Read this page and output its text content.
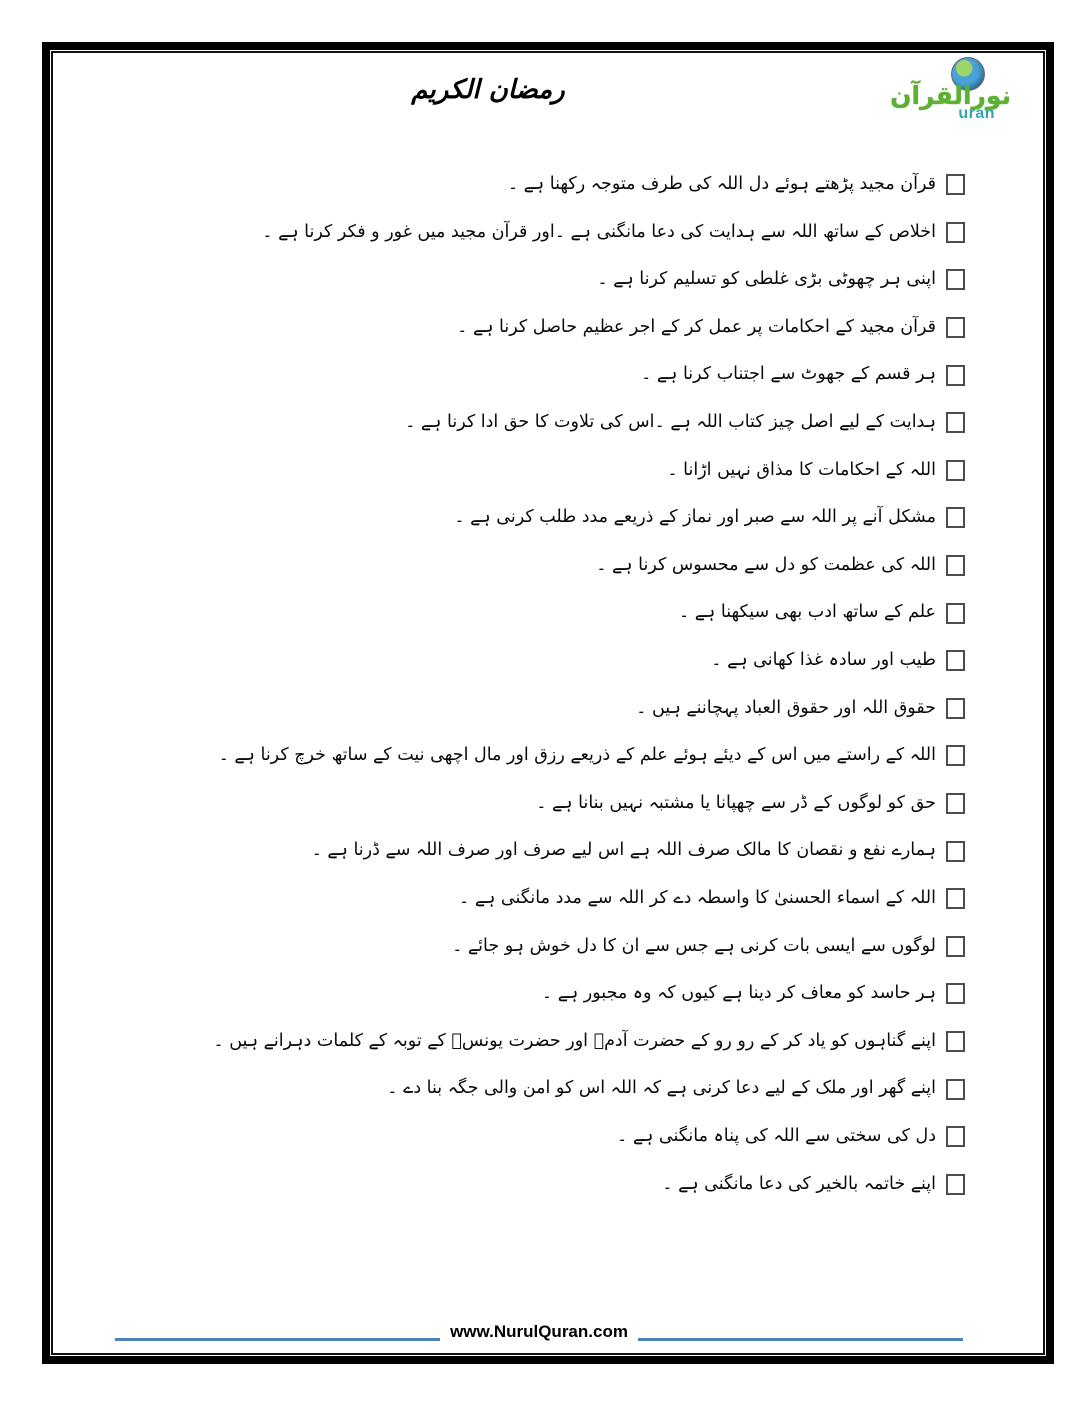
رمضان الکریم	نورالقرآن
uran
قرآن مجید پڑھتے ہوئے دل اللہ کی طرف متوجہ رکھنا ہے ۔
اخلاص کے ساتھ اللہ سے ہدایت کی دعا مانگنی ہے ۔اور قرآن مجید میں غور و فکر کرنا ہے ۔
اپنی ہر چھوٹی بڑی غلطی کو تسلیم کرنا ہے ۔
قرآن مجید کے احکامات پر عمل کر کے اجر عظیم حاصل کرنا ہے ۔
ہر قسم کے جھوٹ سے اجتناب کرنا ہے ۔
ہدایت کے لیے اصل چیز کتاب اللہ ہے ۔اس کی تلاوت کا حق ادا کرنا ہے ۔
اللہ کے احکامات کا مذاق نہیں اڑانا ۔
مشکل آنے پر اللہ سے صبر اور نماز کے ذریعے مدد طلب کرنی ہے ۔
اللہ کی عظمت کو دل سے محسوس کرنا ہے ۔
علم کے ساتھ ادب بھی سیکھنا ہے ۔
طیب اور سادہ غذا کھانی ہے ۔
حقوق اللہ اور حقوق العباد پہچاننے ہیں ۔
اللہ کے راستے میں اس کے دیئے ہوئے علم کے ذریعے رزق اور مال اچھی نیت کے ساتھ خرچ کرنا ہے ۔
حق کو لوگوں کے ڈر سے چھپانا یا مشتبہ نہیں بنانا ہے ۔
ہمارے نفع و نقصان کا مالک صرف اللہ ہے اس لیے صرف اور صرف اللہ سے ڈرنا ہے ۔
اللہ کے اسماء الحسنیٰ کا واسطہ دے کر اللہ سے مدد مانگنی ہے ۔
لوگوں سے ایسی بات کرنی ہے جس سے ان کا دل خوش ہو جائے ۔
ہر حاسد کو معاف کر دینا ہے کیوں کہ وہ مجبور ہے ۔
اپنے گناہوں کو یاد کر کے رو رو کے حضرت آدمؑ اور حضرت یونسؑ کے توبہ کے کلمات دہرانے ہیں ۔
اپنے گھر اور ملک کے لیے دعا کرنی ہے کہ اللہ اس کو امن والی جگہ بنا دے ۔
دل کی سختی سے اللہ کی پناہ مانگنی ہے ۔
اپنے خاتمہ بالخیر کی دعا مانگنی ہے ۔
www.NurulQuran.com
